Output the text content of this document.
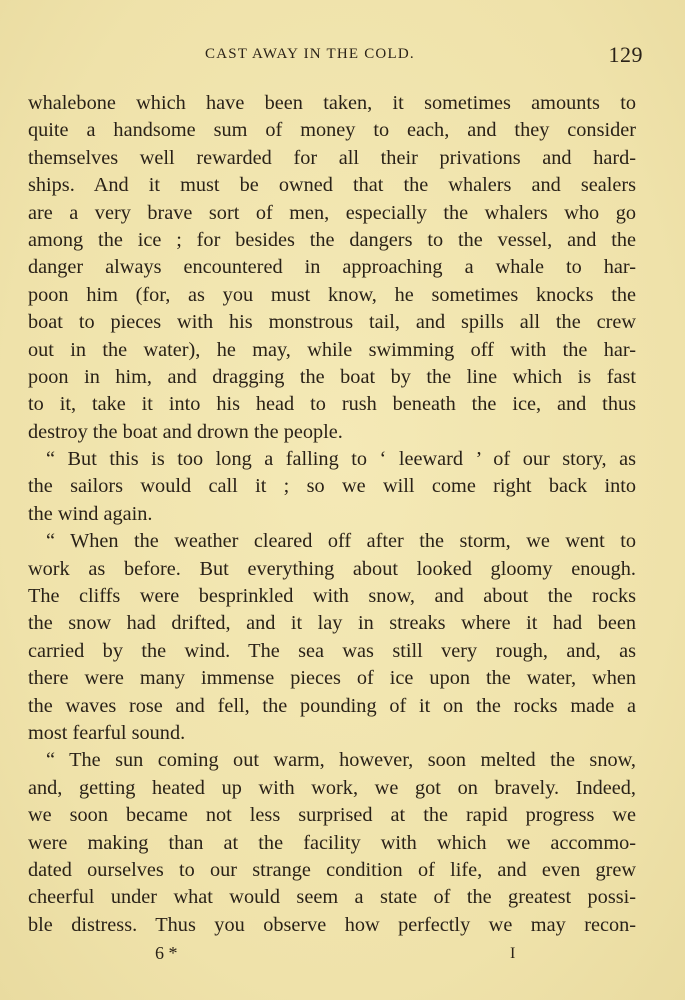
CAST AWAY IN THE COLD.	129
whalebone which have been taken, it sometimes amounts to
quite a handsome sum of money to each, and they consider
themselves well rewarded for all their privations and hard-
ships. And it must be owned that the whalers and sealers
are a very brave sort of men, especially the whalers who go
among the ice ; for besides the dangers to the vessel, and the
danger always encountered in approaching a whale to har-
poon him (for, as you must know, he sometimes knocks the
boat to pieces with his monstrous tail, and spills all the crew
out in the water), he may, while swimming off with the har-
poon in him, and dragging the boat by the line which is fast
to it, take it into his head to rush beneath the ice, and thus
destroy the boat and drown the people.
“ But this is too long a falling to ‘ leeward ’ of our story, as
the sailors would call it ; so we will come right back into
the wind again.
“ When the weather cleared off after the storm, we went to
work as before. But everything about looked gloomy enough.
The cliffs were besprinkled with snow, and about the rocks
the snow had drifted, and it lay in streaks where it had been
carried by the wind. The sea was still very rough, and, as
there were many immense pieces of ice upon the water, when
the waves rose and fell, the pounding of it on the rocks made a
most fearful sound.
“ The sun coming out warm, however, soon melted the snow,
and, getting heated up with work, we got on bravely. Indeed,
we soon became not less surprised at the rapid progress we
were making than at the facility with which we accommo-
dated ourselves to our strange condition of life, and even grew
cheerful under what would seem a state of the greatest possi-
ble distress. Thus you observe how perfectly we may recon-
6 *	I
